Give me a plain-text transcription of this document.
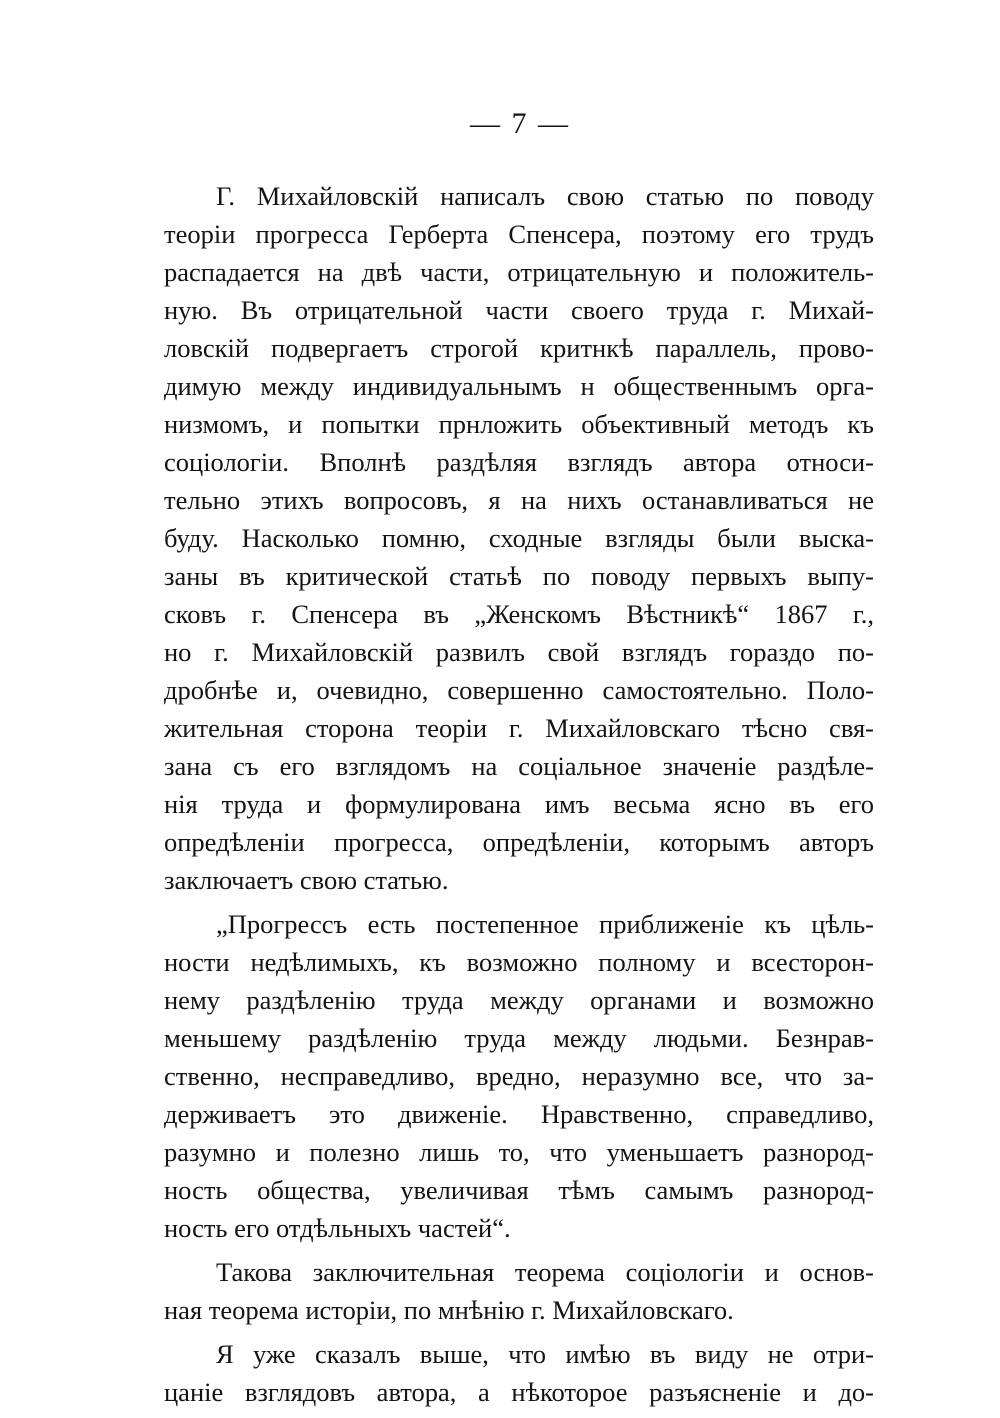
— 7 —
Г. Михайловскій написалъ свою статью по поводу
теоріи прогресса Герберта Спенсера, поэтому его трудъ
распадается на двѣ части, отрицательную и положитель-
ную. Въ отрицательной части своего труда г. Михай-
ловскій подвергаетъ строгой критнкѣ параллель, прово-
димую между индивидуальнымъ н общественнымъ орга-
низмомъ, и попытки прнложить объективный методъ къ
соціологіи. Вполнѣ раздѣляя взглядъ автора относи-
тельно этихъ вопросовъ, я на нихъ останавливаться не
буду. Насколько помню, сходные взгляды были выска-
заны въ критической статьѣ по поводу первыхъ выпу-
сковъ г. Спенсера въ „Женскомъ Вѣстникѣ“ 1867 г.,
но г. Михайловскій развилъ свой взглядъ гораздо по-
дробнѣе и, очевидно, совершенно самостоятельно. Поло-
жительная сторона теоріи г. Михайловскаго тѣсно свя-
зана съ его взглядомъ на соціальное значеніе раздѣле-
нія труда и формулирована имъ весьма ясно въ его
опредѣленіи прогресса, опредѣленіи, которымъ авторъ
заключаетъ свою статью.
„Прогрессъ есть постепенное приближеніе къ цѣль-
ности недѣлимыхъ, къ возможно полному и всесторон-
нему раздѣленію труда между органами и возможно
меньшему раздѣленію труда между людьми. Безнрав-
ственно, несправедливо, вредно, неразумно все, что за-
держиваетъ это движеніе. Нравственно, справедливо,
разумно и полезно лишь то, что уменьшаетъ разнород-
ность общества, увеличивая тѣмъ самымъ разнород-
ность его отдѣльныхъ частей“.
Такова заключительная теорема соціологіи и основ-
ная теорема исторіи, по мнѣнію г. Михайловскаго.
Я уже сказалъ выше, что имѣю въ виду не отри-
цаніе взглядовъ автора, а нѣкоторое разъясненіе и до-
